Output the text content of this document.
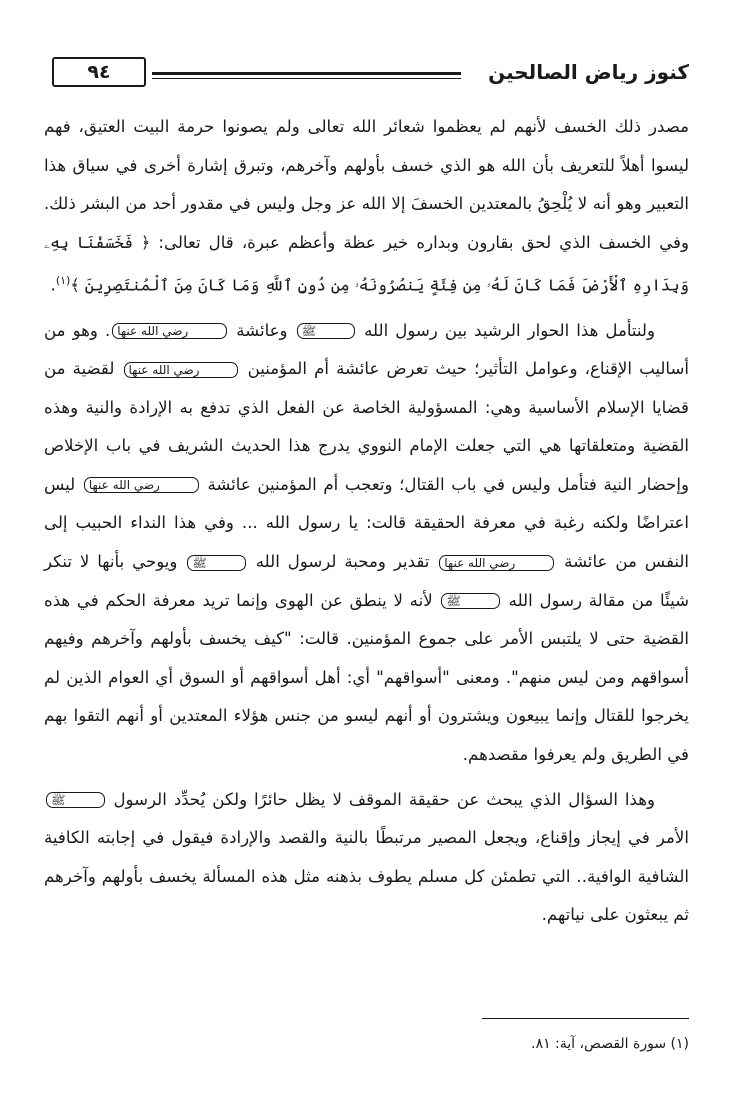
كنوز رياض الصالحين
٩٤

مصدر ذلك الخسف لأنهم لم يعظموا شعائر الله تعالى ولم يصونوا حرمة البيت العتيق، فهم ليسوا أهلاً للتعريف بأن الله هو الذي خسف بأولهم وآخرهم، وتبرق إشارة أخرى في سياق هذا التعبير وهو أنه لا يُلْحِقُ بالمعتدين الخسفَ إلا الله عز وجل وليس في مقدور أحد من البشر ذلك. وفي الخسف الذي لحق بقارون وبداره خير عظة وأعظم عبرة، قال تعالى: ﴿ فَخَسَفْنَا بِهِۦ وَبِدَارِهِ ٱلْأَرْضَ فَمَا كَانَ لَهُۥ مِن فِئَةٍ يَنصُرُونَهُۥ مِن دُونِ ٱللَّهِ وَمَا كَانَ مِنَ ٱلْمُنتَصِرِينَ ﴾$^{(١)}$.

ولنتأمل هذا الحوار الرشيد بين رسول الله ﷺ وعائشة رضي الله عنها. وهو من أساليب الإقناع، وعوامل التأثير؛ حيث تعرض عائشة أم المؤمنين رضي الله عنها لقضية من قضايا الإسلام الأساسية وهي: المسؤولية الخاصة عن الفعل الذي تدفع به الإرادة والنية وهذه القضية ومتعلقاتها هي التي جعلت الإمام النووي يدرج هذا الحديث الشريف في باب الإخلاص وإحضار النية فتأمل وليس في باب القتال؛ وتعجب أم المؤمنين عائشة رضي الله عنها ليس اعتراضًا ولكنه رغبة في معرفة الحقيقة قالت: يا رسول الله ... وفي هذا النداء الحبيب إلى النفس من عائشة رضي الله عنها تقدير ومحبة لرسول الله ﷺ ويوحي بأنها لا تنكر شيئًا من مقالة رسول الله ﷺ لأنه لا ينطق عن الهوى وإنما تريد معرفة الحكم في هذه القضية حتى لا يلتبس الأمر على جموع المؤمنين. قالت: "كيف يخسف بأولهم وآخرهم وفيهم أسواقهم ومن ليس منهم". ومعنى "أسواقهم" أي: أهل أسواقهم أو السوق أي العوام الذين لم يخرجوا للقتال وإنما يبيعون ويشترون أو أنهم ليسو من جنس هؤلاء المعتدين أو أنهم التقوا بهم في الطريق ولم يعرفوا مقصدهم.

وهذا السؤال الذي يبحث عن حقيقة الموقف لا يظل حائرًا ولكن يُحدِّد الرسول ﷺ الأمر في إيجاز وإقناع، ويجعل المصير مرتبطًا بالنية والقصد والإرادة فيقول في إجابته الكافية الشافية الوافية.. التي تطمئن كل مسلم يطوف بذهنه مثل هذه المسألة يخسف بأولهم وآخرهم ثم يبعثون على نياتهم.

(١) سورة القصص، آية: ٨١.
